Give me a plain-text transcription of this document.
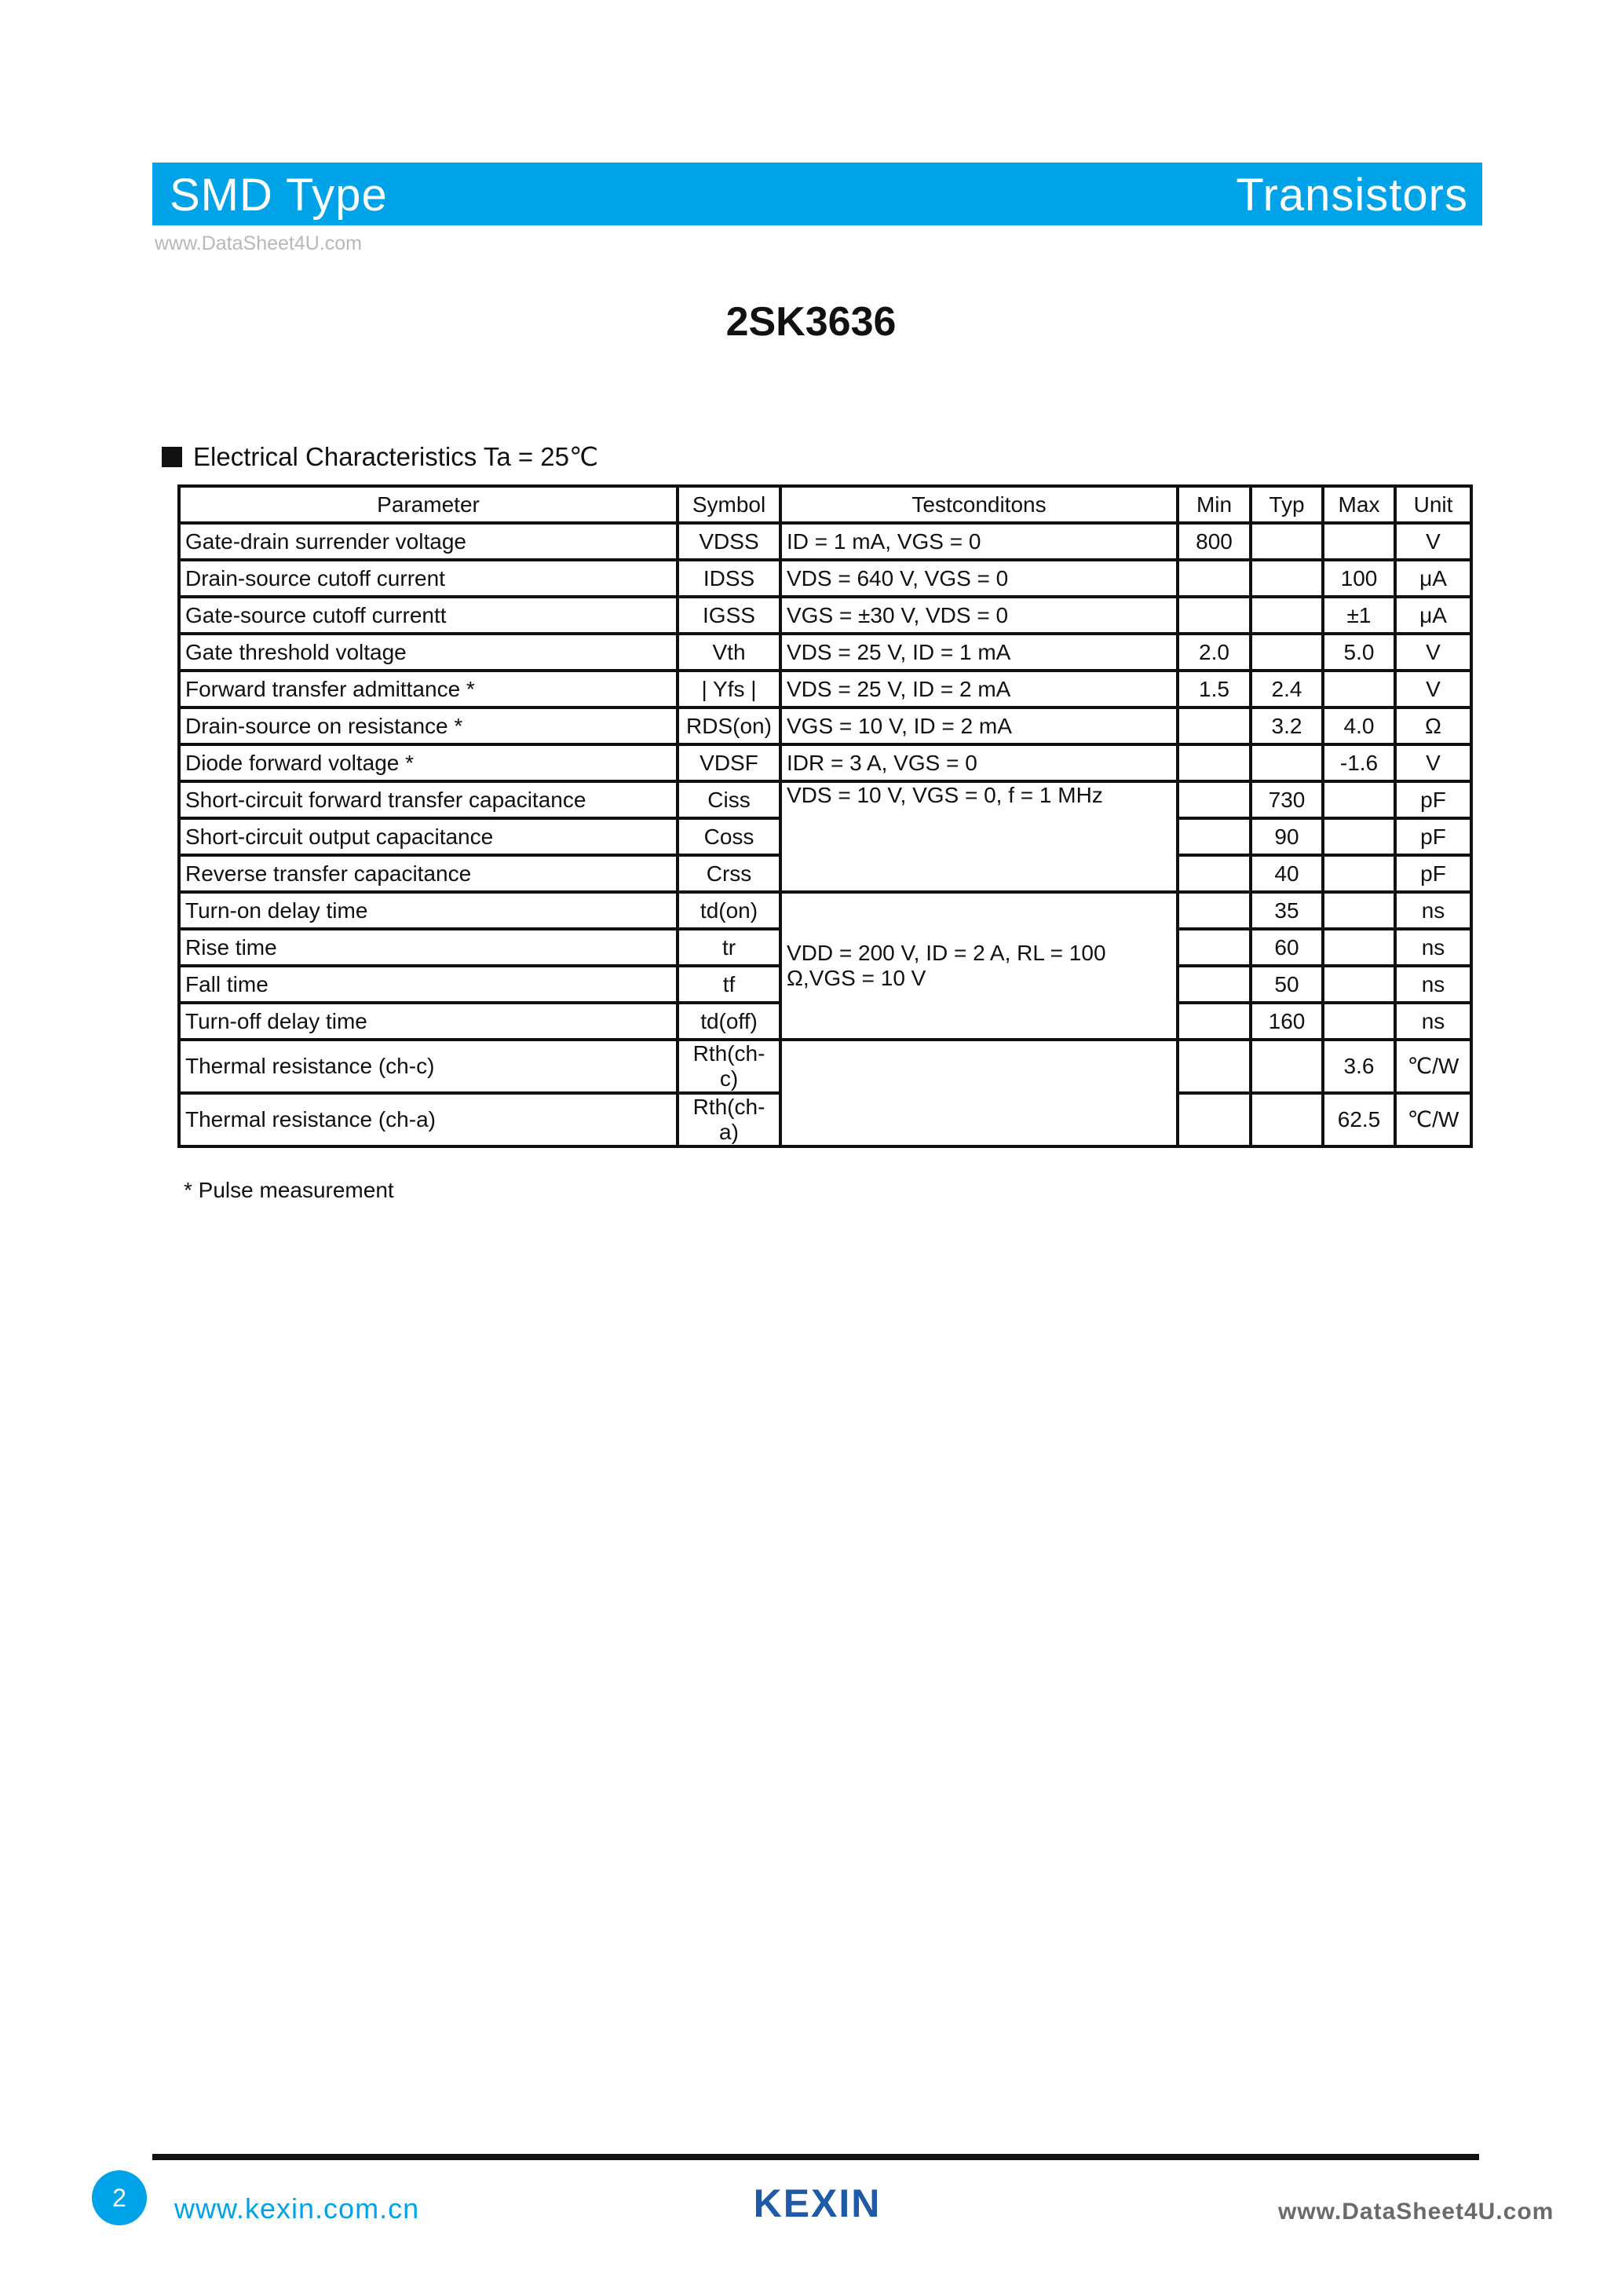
SMD Type	Transistors
www.DataSheet4U.com
2SK3636
Electrical Characteristics Ta = 25℃
Parameter	Symbol	Testconditons	Min	Typ	Max	Unit
Gate-drain surrender voltage	VDSS	ID = 1 mA, VGS = 0	800			V
Drain-source cutoff current	IDSS	VDS = 640 V, VGS = 0			100	μA
Gate-source cutoff currentt	IGSS	VGS = ±30 V, VDS = 0			±1	μA
Gate threshold voltage	Vth	VDS = 25 V, ID = 1 mA	2.0		5.0	V
Forward transfer admittance *	| Yfs |	VDS = 25 V, ID = 2 mA	1.5	2.4		V
Drain-source on resistance *	RDS(on)	VGS = 10 V, ID = 2 mA		3.2	4.0	Ω
Diode forward voltage *	VDSF	IDR = 3 A, VGS = 0			-1.6	V
Short-circuit forward transfer capacitance	Ciss	VDS = 10 V, VGS = 0, f = 1 MHz		730		pF
Short-circuit output capacitance	Coss			90		pF
Reverse transfer capacitance	Crss			40		pF
Turn-on delay time	td(on)	VDD = 200 V, ID = 2 A, RL = 100 Ω,VGS = 10 V		35		ns
Rise time	tr			60		ns
Fall time	tf			50		ns
Turn-off delay time	td(off)			160		ns
Thermal resistance (ch-c)	Rth(ch-c)				3.6	℃/W
Thermal resistance (ch-a)	Rth(ch-a)				62.5	℃/W
* Pulse measurement
2	www.kexin.com.cn	KEXIN	www.DataSheet4U.com
